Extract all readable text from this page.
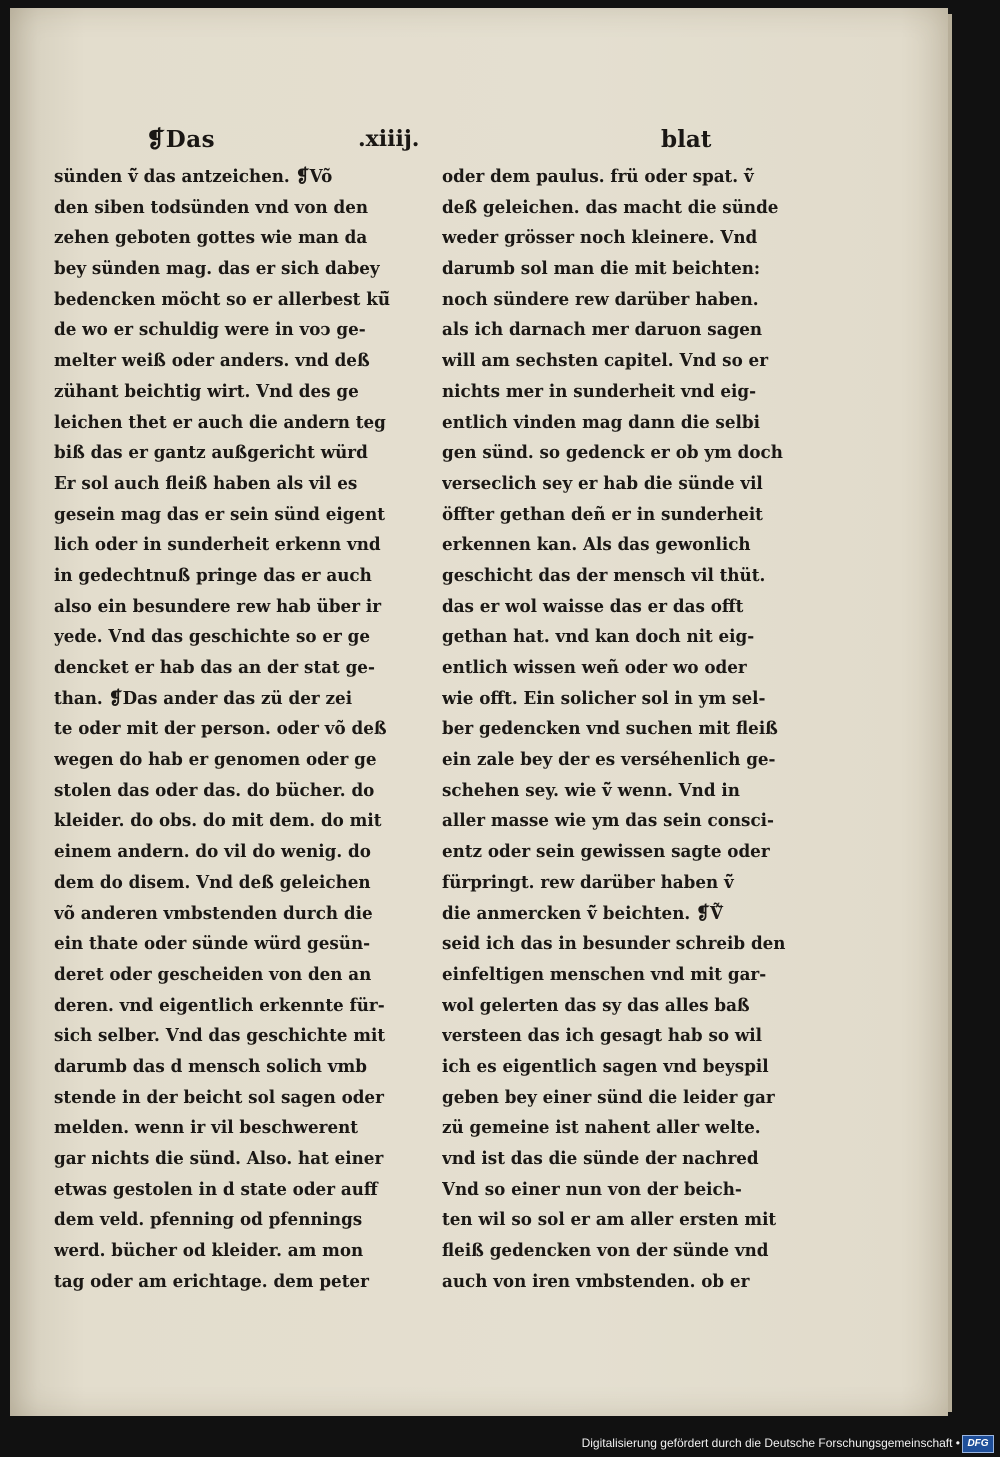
❡Das	.xiiij.	blat
sünden ṽ̃ das antzeichen. ❡Võ
den siben todsünden vnd von den
zehen geboten gottes wie man da
bey sünden mag. das er sich dabey
bedencken möcht so er allerbest kü̃
de wo er schuldig were in voↄ ge-
melter weiß oder anders. vnd deß
zühant beichtig wirt. Vnd des ge
leichen thet er auch die andern teg
biß das er gantz außgericht würd
Er sol auch fleiß haben als vil es
gesein mag das er sein sünd eigent
lich oder in sunderheit erkenn vnd
in gedechtnuß pringe das er auch
also ein besundere rew hab über ir
yede. Vnd das geschichte so er ge
dencket er hab das an der stat ge-
than. ❡Das ander das zü der zei
te oder mit der person. oder võ deß
wegen do hab er genomen oder ge
stolen das oder das. do bücher. do
kleider. do obs. do mit dem. do mit
einem andern. do vil do wenig. do
dem do disem. Vnd deß geleichen
võ anderen vmbstenden durch die
ein thate oder sünde würd gesün-
deret oder gescheiden von den an
deren. vnd eigentlich erkennte für-
sich selber. Vnd das geschichte mit
darumb das d mensch solich vmb
stende in der beicht sol sagen oder
melden. wenn ir vil beschwerent
gar nichts die sünd. Also. hat einer
etwas gestolen in d state oder auff
dem veld. pfenning od pfennings
werd. bücher od kleider. am mon
tag oder am erichtage. dem peter
oder dem paulus. frü oder spat. ṽ̃
deß geleichen. das macht die sünde
weder grösser noch kleinere. Vnd
darumb sol man die mit beichten:
noch sündere rew darüber haben.
als ich darnach mer daruon sagen
will am sechsten capitel. Vnd so er
nichts mer in sunderheit vnd eig-
entlich vinden mag dann die selbi
gen sünd. so gedenck er ob ym doch
verseclich sey er hab die sünde vil
öffter gethan deñ er in sunderheit
erkennen kan. Als das gewonlich
geschicht das der mensch vil thüt.
das er wol waisse das er das offt
gethan hat. vnd kan doch nit eig-
entlich wissen weñ oder wo oder
wie offt. Ein solicher sol in ym sel-
ber gedencken vnd suchen mit fleiß
ein zale bey der es verséhenlich ge-
schehen sey. wie ṽ̃ wenn. Vnd in
aller masse wie ym das sein consci-
entz oder sein gewissen sagte oder
fürpringt. rew darüber haben ṽ̃
die anmercken ṽ̃ beichten. ❡Ṽ̃
seid ich das in besunder schreib den
einfeltigen menschen vnd mit gar-
wol gelerten das sy das alles baß
versteen das ich gesagt hab so wil
ich es eigentlich sagen vnd beyspil
geben bey einer sünd die leider gar
zü gemeine ist nahent aller welte.
vnd ist das die sünde der nachred
Vnd so einer nun von der beich-
ten wil so sol er am aller ersten mit
fleiß gedencken von der sünde vnd
auch von iren vmbstenden. ob er
Digitalisierung gefördert durch die Deutsche Forschungsgemeinschaft • DFG
